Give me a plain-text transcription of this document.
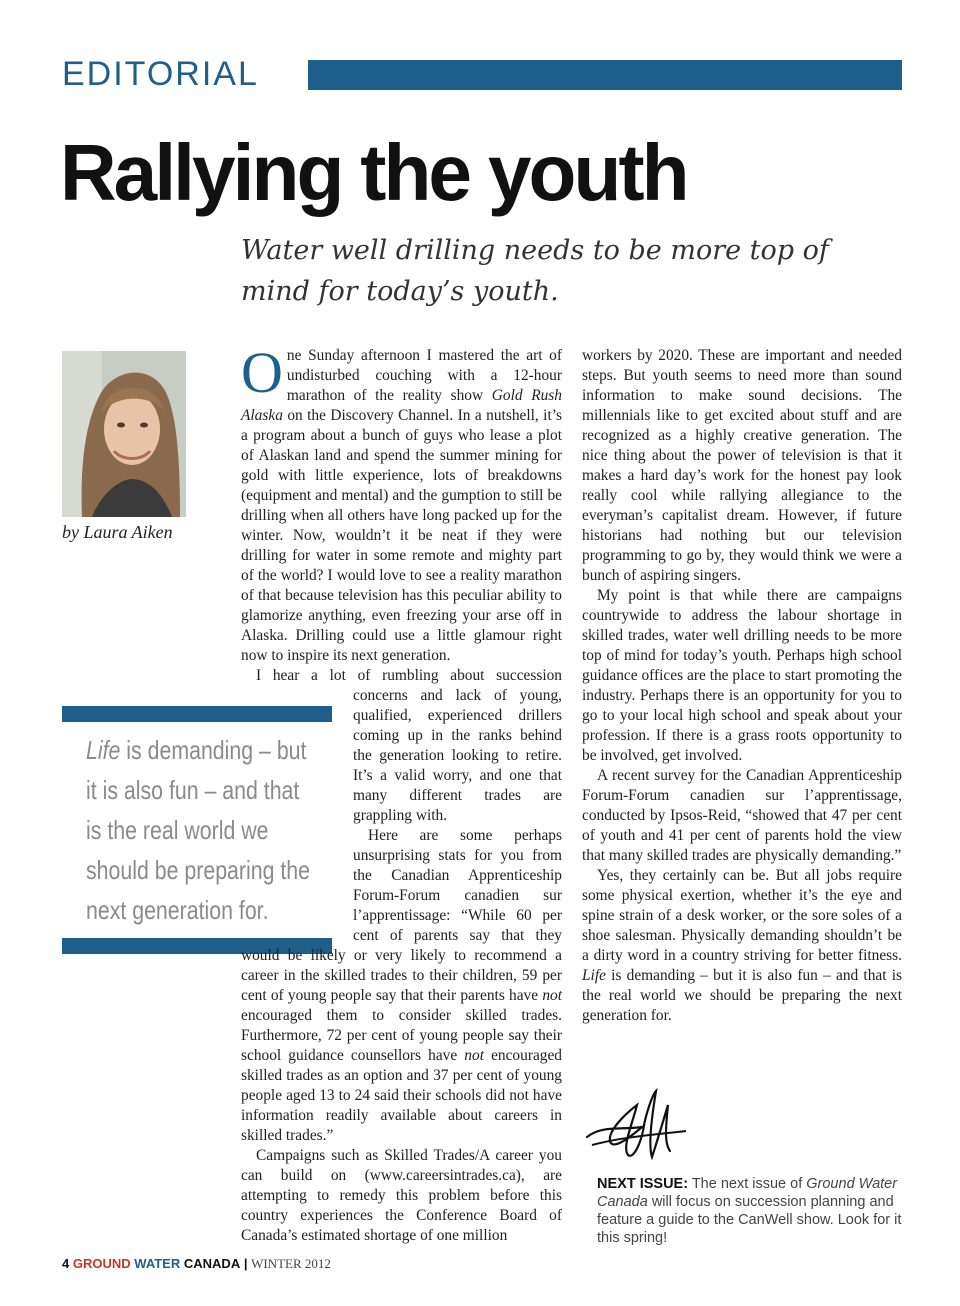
EDITORIAL
Rallying the youth
Water well drilling needs to be more top of mind for today’s youth.
by Laura Aiken
Life is demanding – but it is also fun – and that is the real world we should be preparing the next generation for.

One Sunday afternoon I mastered the art of undisturbed couching with a 12-hour marathon of the reality show Gold Rush Alaska on the Discovery Channel. In a nutshell, it’s a program about a bunch of guys who lease a plot of Alaskan land and spend the summer mining for gold with little experience, lots of breakdowns (equipment and mental) and the gumption to still be drilling when all others have long packed up for the winter. Now, wouldn’t it be neat if they were drilling for water in some remote and mighty part of the world? I would love to see a reality marathon of that because television has this peculiar ability to glamorize anything, even freezing your arse off in Alaska. Drilling could use a little glamour right now to inspire its next generation.

I hear a lot of rumbling about succession concerns and lack of young, qualified, experienced drillers coming up in the ranks behind the generation looking to retire. It’s a valid worry, and one that many different trades are grappling with.

Here are some perhaps unsurprising stats for you from the Canadian Apprenticeship Forum-Forum canadien sur l’apprentissage: “While 60 per cent of parents say that they would be likely or very likely to recommend a career in the skilled trades to their children, 59 per cent of young people say that their parents have not encouraged them to consider skilled trades. Furthermore, 72 per cent of young people say their school guidance counsellors have not encouraged skilled trades as an option and 37 per cent of young people aged 13 to 24 said their schools did not have information readily available about careers in skilled trades.”

Campaigns such as Skilled Trades/A career you can build on (www.careersintrades.ca), are attempting to remedy this problem before this country experiences the Conference Board of Canada’s estimated shortage of one million

workers by 2020. These are important and needed steps. But youth seems to need more than sound information to make sound decisions. The millennials like to get excited about stuff and are recognized as a highly creative generation. The nice thing about the power of television is that it makes a hard day’s work for the honest pay look really cool while rallying allegiance to the everyman’s capitalist dream. However, if future historians had nothing but our television programming to go by, they would think we were a bunch of aspiring singers.

My point is that while there are campaigns countrywide to address the labour shortage in skilled trades, water well drilling needs to be more top of mind for today’s youth. Perhaps high school guidance offices are the place to start promoting the industry. Perhaps there is an opportunity for you to go to your local high school and speak about your profession. If there is a grass roots opportunity to be involved, get involved.

A recent survey for the Canadian Apprenticeship Forum-Forum canadien sur l’apprentissage, conducted by Ipsos-Reid, “showed that 47 per cent of youth and 41 per cent of parents hold the view that many skilled trades are physically demanding.”

Yes, they certainly can be. But all jobs require some physical exertion, whether it’s the eye and spine strain of a desk worker, or the sore soles of a shoe salesman. Physically demanding shouldn’t be a dirty word in a country striving for better fitness. Life is demanding – but it is also fun – and that is the real world we should be preparing the next generation for.

NEXT ISSUE: The next issue of Ground Water Canada will focus on succession planning and feature a guide to the CanWell show. Look for it this spring!
4 GROUND WATER CANADA | WINTER 2012
